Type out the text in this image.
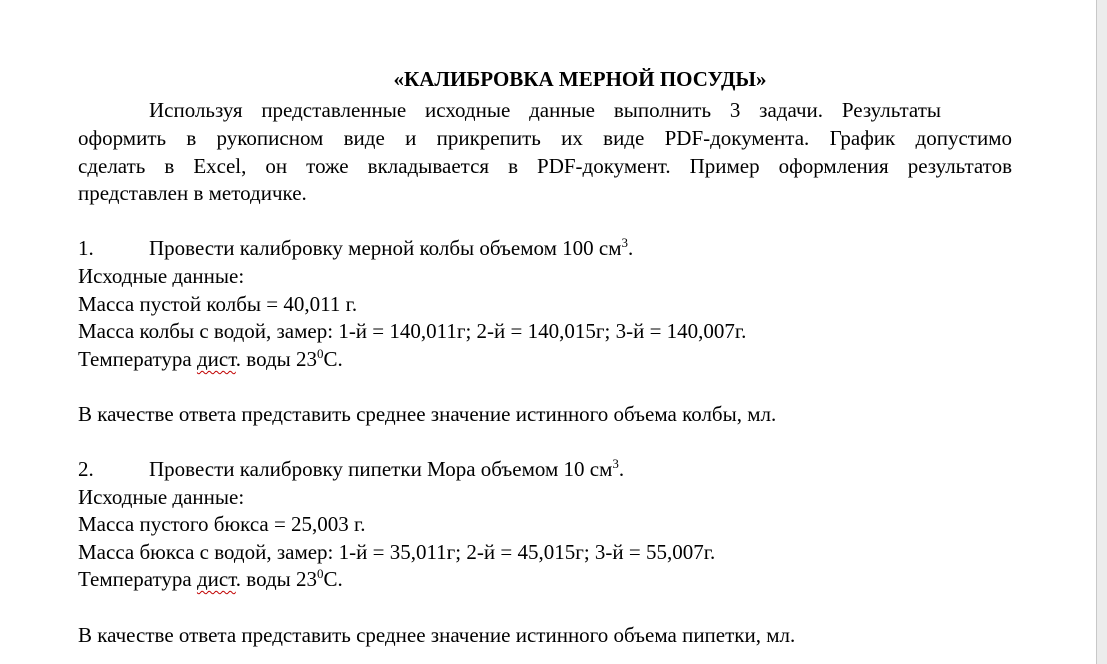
«КАЛИБРОВКА МЕРНОЙ ПОСУДЫ»
Используя представленные исходные данные выполнить 3 задачи. Результаты
оформить в рукописном виде и прикрепить их виде PDF-документа. График допустимо
сделать в Excel, он тоже вкладывается в PDF-документ. Пример оформления результатов
представлен в методичке.
1.	Провести калибровку мерной колбы объемом 100 $см^3$.
Исходные данные:
Масса пустой колбы = 40,011 г.
Масса колбы с водой, замер: 1-й = 140,011г; 2-й = 140,015г; 3-й = 140,007г.
Температура дист. воды $23^0С$.
В качестве ответа представить среднее значение истинного объема колбы, мл.
2.	Провести калибровку пипетки Мора объемом 10 $см^3$.
Исходные данные:
Масса пустого бюкса = 25,003 г.
Масса бюкса с водой, замер: 1-й = 35,011г; 2-й = 45,015г; 3-й = 55,007г.
Температура дист. воды $23^0С$.
В качестве ответа представить среднее значение истинного объема пипетки, мл.
